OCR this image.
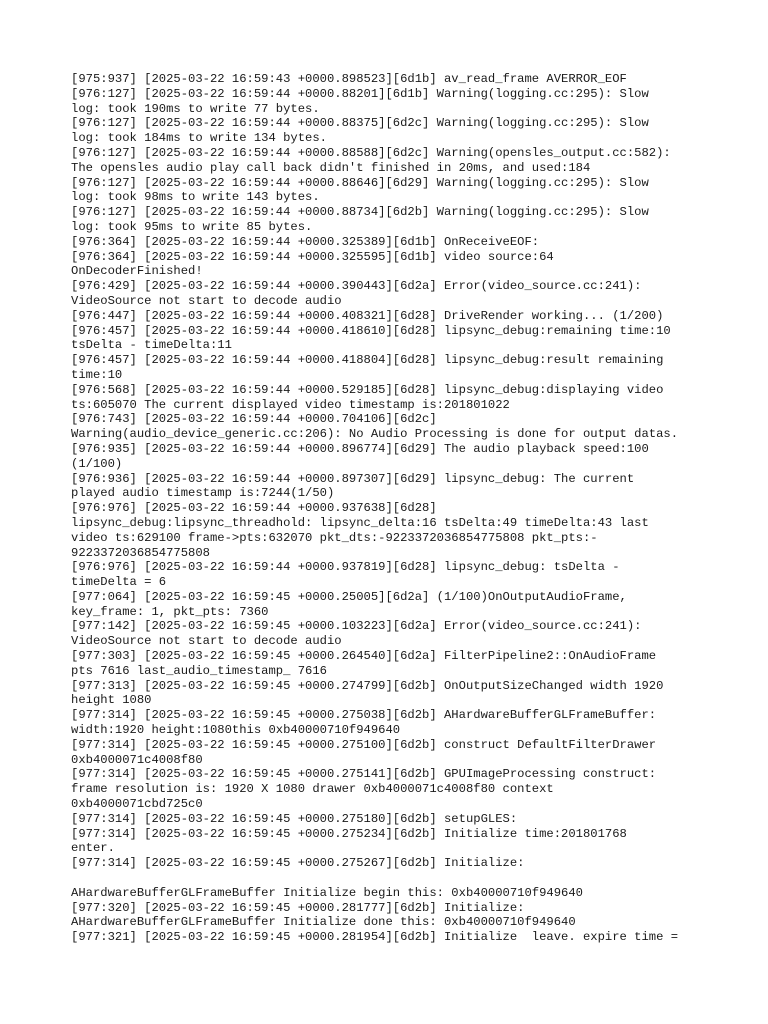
[975:937] [2025-03-22 16:59:43 +0000.898523][6d1b] av_read_frame AVERROR_EOF
[976:127] [2025-03-22 16:59:44 +0000.88201][6d1b] Warning(logging.cc:295): Slow
log: took 190ms to write 77 bytes.
[976:127] [2025-03-22 16:59:44 +0000.88375][6d2c] Warning(logging.cc:295): Slow
log: took 184ms to write 134 bytes.
[976:127] [2025-03-22 16:59:44 +0000.88588][6d2c] Warning(opensles_output.cc:582):
The opensles audio play call back didn't finished in 20ms, and used:184
[976:127] [2025-03-22 16:59:44 +0000.88646][6d29] Warning(logging.cc:295): Slow
log: took 98ms to write 143 bytes.
[976:127] [2025-03-22 16:59:44 +0000.88734][6d2b] Warning(logging.cc:295): Slow
log: took 95ms to write 85 bytes.
[976:364] [2025-03-22 16:59:44 +0000.325389][6d1b] OnReceiveEOF:
[976:364] [2025-03-22 16:59:44 +0000.325595][6d1b] video source:64
OnDecoderFinished!
[976:429] [2025-03-22 16:59:44 +0000.390443][6d2a] Error(video_source.cc:241):
VideoSource not start to decode audio
[976:447] [2025-03-22 16:59:44 +0000.408321][6d28] DriveRender working... (1/200)
[976:457] [2025-03-22 16:59:44 +0000.418610][6d28] lipsync_debug:remaining time:10
tsDelta - timeDelta:11
[976:457] [2025-03-22 16:59:44 +0000.418804][6d28] lipsync_debug:result remaining
time:10
[976:568] [2025-03-22 16:59:44 +0000.529185][6d28] lipsync_debug:displaying video
ts:605070 The current displayed video timestamp is:201801022
[976:743] [2025-03-22 16:59:44 +0000.704106][6d2c]
Warning(audio_device_generic.cc:206): No Audio Processing is done for output datas.
[976:935] [2025-03-22 16:59:44 +0000.896774][6d29] The audio playback speed:100
(1/100)
[976:936] [2025-03-22 16:59:44 +0000.897307][6d29] lipsync_debug: The current
played audio timestamp is:7244(1/50)
[976:976] [2025-03-22 16:59:44 +0000.937638][6d28]
lipsync_debug:lipsync_threadhold: lipsync_delta:16 tsDelta:49 timeDelta:43 last
video ts:629100 frame->pts:632070 pkt_dts:-9223372036854775808 pkt_pts:-
9223372036854775808
[976:976] [2025-03-22 16:59:44 +0000.937819][6d28] lipsync_debug: tsDelta -
timeDelta = 6
[977:064] [2025-03-22 16:59:45 +0000.25005][6d2a] (1/100)OnOutputAudioFrame,
key_frame: 1, pkt_pts: 7360
[977:142] [2025-03-22 16:59:45 +0000.103223][6d2a] Error(video_source.cc:241):
VideoSource not start to decode audio
[977:303] [2025-03-22 16:59:45 +0000.264540][6d2a] FilterPipeline2::OnAudioFrame
pts 7616 last_audio_timestamp_ 7616
[977:313] [2025-03-22 16:59:45 +0000.274799][6d2b] OnOutputSizeChanged width 1920
height 1080
[977:314] [2025-03-22 16:59:45 +0000.275038][6d2b] AHardwareBufferGLFrameBuffer:
width:1920 height:1080this 0xb40000710f949640
[977:314] [2025-03-22 16:59:45 +0000.275100][6d2b] construct DefaultFilterDrawer
0xb4000071c4008f80
[977:314] [2025-03-22 16:59:45 +0000.275141][6d2b] GPUImageProcessing construct:
frame resolution is: 1920 X 1080 drawer 0xb4000071c4008f80 context
0xb4000071cbd725c0
[977:314] [2025-03-22 16:59:45 +0000.275180][6d2b] setupGLES:
[977:314] [2025-03-22 16:59:45 +0000.275234][6d2b] Initialize time:201801768
enter.
[977:314] [2025-03-22 16:59:45 +0000.275267][6d2b] Initialize:
AHardwareBufferGLFrameBuffer Initialize begin this: 0xb40000710f949640
[977:320] [2025-03-22 16:59:45 +0000.281777][6d2b] Initialize:
AHardwareBufferGLFrameBuffer Initialize done this: 0xb40000710f949640
[977:321] [2025-03-22 16:59:45 +0000.281954][6d2b] Initialize  leave. expire time =
